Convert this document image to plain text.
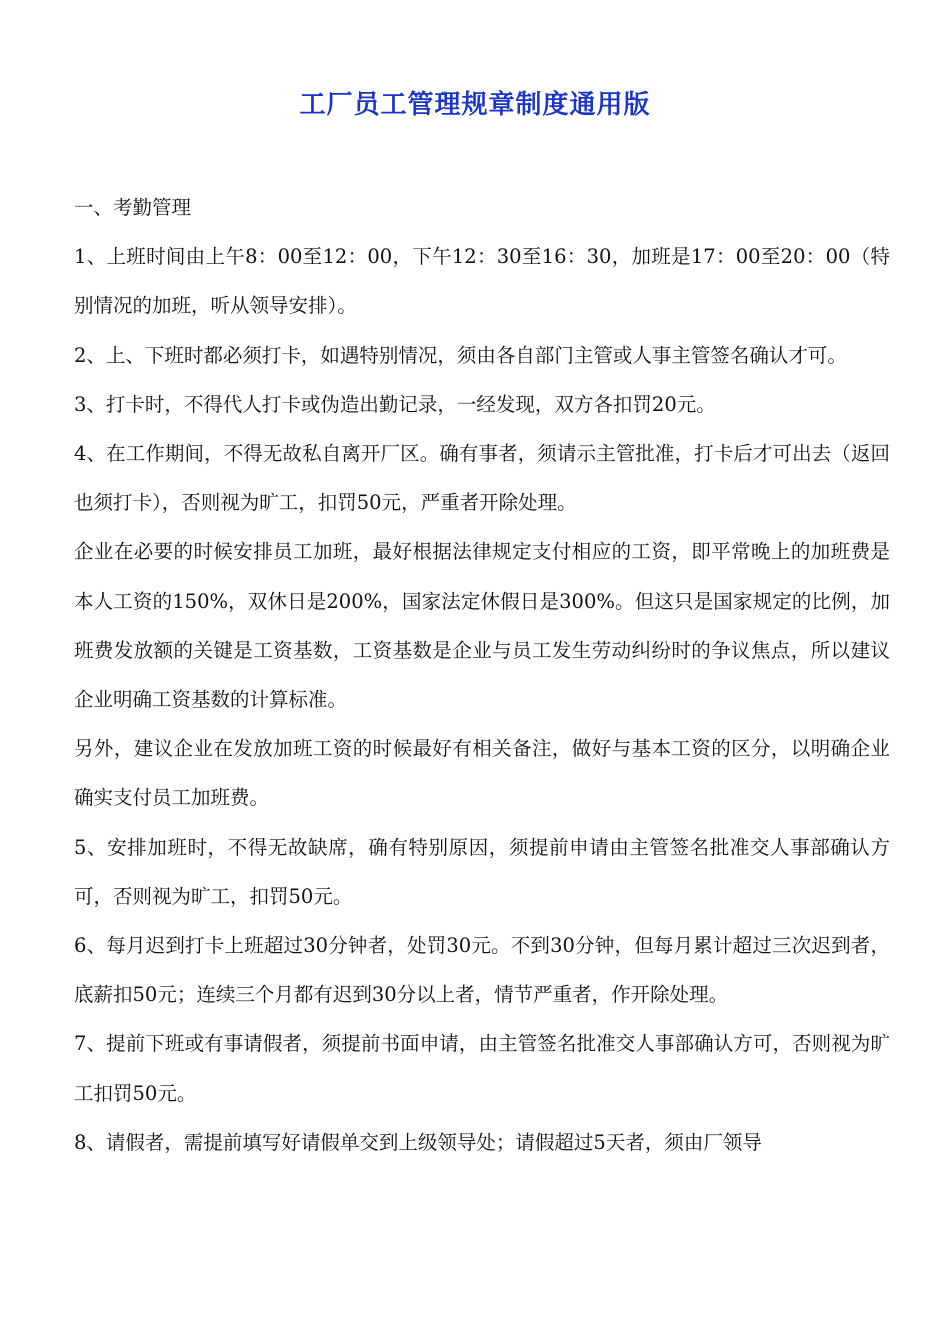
工厂员工管理规章制度通用版

一、考勤管理

1、上班时间由上午8：00至12：00，下午12：30至16：30，加班是17：00至20：00（特别情况的加班，听从领导安排）。

2、上、下班时都必须打卡，如遇特别情况，须由各自部门主管或人事主管签名确认才可。

3、打卡时，不得代人打卡或伪造出勤记录，一经发现，双方各扣罚20元。

4、在工作期间，不得无故私自离开厂区。确有事者，须请示主管批准，打卡后才可出去（返回也须打卡），否则视为旷工，扣罚50元，严重者开除处理。

企业在必要的时候安排员工加班，最好根据法律规定支付相应的工资，即平常晚上的加班费是本人工资的150%，双休日是200%，国家法定休假日是300%。但这只是国家规定的比例，加班费发放额的关键是工资基数，工资基数是企业与员工发生劳动纠纷时的争议焦点，所以建议企业明确工资基数的计算标准。

另外，建议企业在发放加班工资的时候最好有相关备注，做好与基本工资的区分，以明确企业确实支付员工加班费。

5、安排加班时，不得无故缺席，确有特别原因，须提前申请由主管签名批准交人事部确认方可，否则视为旷工，扣罚50元。

6、每月迟到打卡上班超过30分钟者，处罚30元。不到30分钟，但每月累计超过三次迟到者，底薪扣50元；连续三个月都有迟到30分以上者，情节严重者，作开除处理。

7、提前下班或有事请假者，须提前书面申请，由主管签名批准交人事部确认方可，否则视为旷工扣罚50元。

8、请假者，需提前填写好请假单交到上级领导处；请假超过5天者，须由厂领导
